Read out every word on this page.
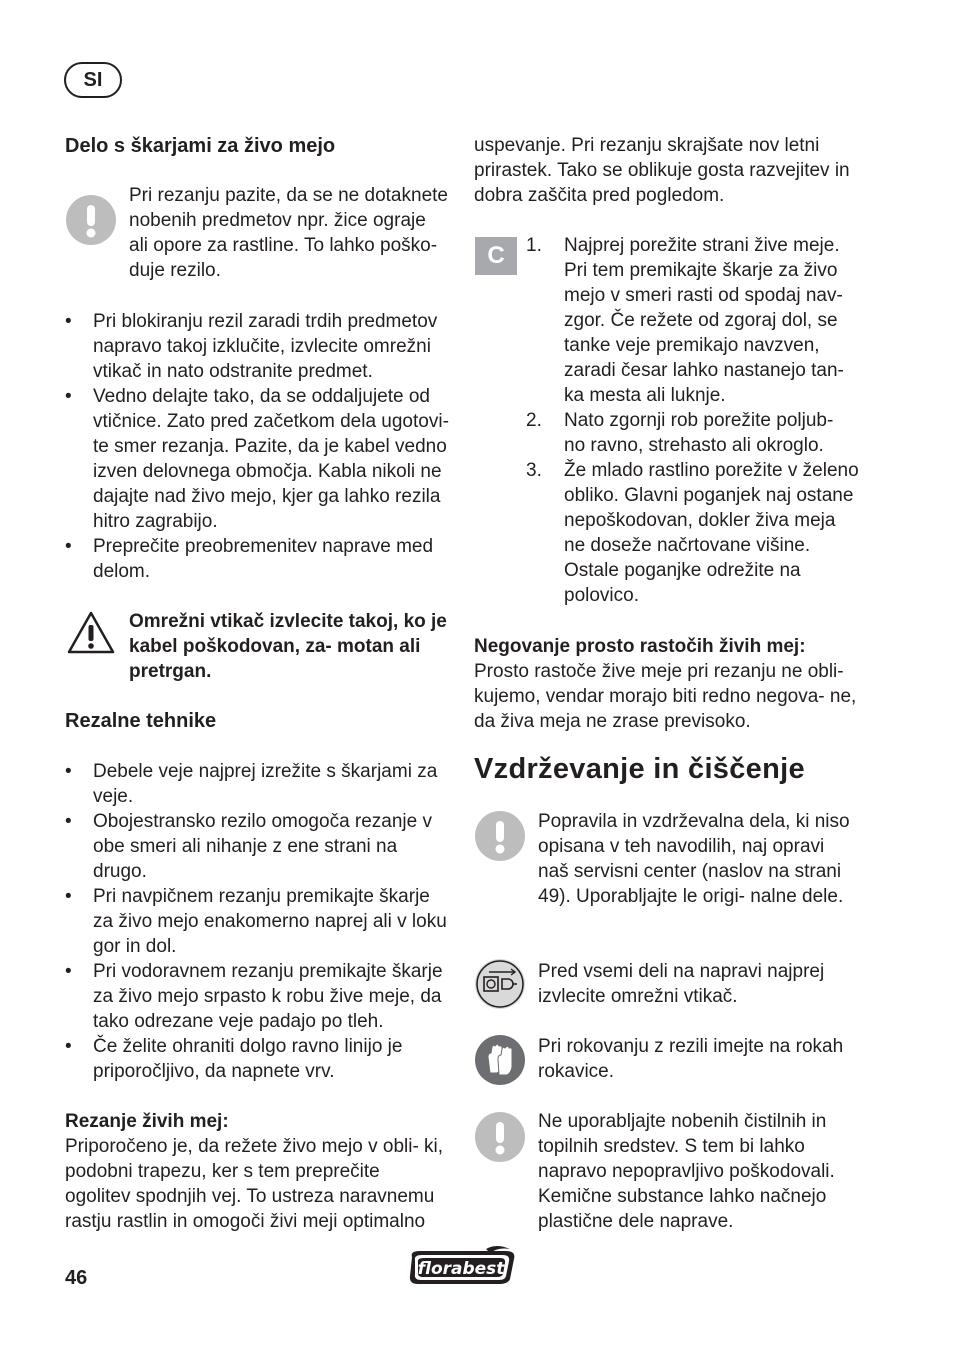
SI
Delo s škarjami za živo mejo

Pri rezanju pazite, da se ne dotaknete nobenih predmetov npr. žice ograje ali opore za rastline. To lahko poško- duje rezilo.

• Pri blokiranju rezil zaradi trdih predmetov napravo takoj izklučite, izvlecite omrežni vtikač in nato odstranite predmet.
• Vedno delajte tako, da se oddaljujete od vtičnice. Zato pred začetkom dela ugotovi- te smer rezanja. Pazite, da je kabel vedno izven delovnega območja. Kabla nikoli ne dajajte nad živo mejo, kjer ga lahko rezila hitro zagrabijo.
• Preprečite preobremenitev naprave med delom.

Omrežni vtikač izvlecite takoj, ko je kabel poškodovan, za- motan ali pretrgan.

Rezalne tehnike
• Debele veje najprej izrežite s škarjami za veje.
• Obojestransko rezilo omogoča rezanje v obe smeri ali nihanje z ene strani na drugo.
• Pri navpičnem rezanju premikajte škarje za živo mejo enakomerno naprej ali v loku gor in dol.
• Pri vodoravnem rezanju premikajte škarje za živo mejo srpasto k robu žive meje, da tako odrezane veje padajo po tleh.
• Če želite ohraniti dolgo ravno linijo je priporočljivo, da napnete vrv.

Rezanje živih mej:

Priporočeno je, da režete živo mejo v obli- ki, podobni trapezu, ker s tem preprečite ogolitev spodnjih vej. To ustreza naravnemu rastju rastlin in omogoči živi meji optimalno

uspevanje. Pri rezanju skrajšate nov letni prirastek. Tako se oblikuje gosta razvejitev in dobra zaščita pred pogledom.

C	1. Najprej porežite strani žive meje. Pri tem premikajte škarje za živo mejo v smeri rasti od spodaj nav- zgor. Če režete od zgoraj dol, se tanke veje premikajo navzven, zaradi česar lahko nastanejo tan- ka mesta ali luknje.
2. Nato zgornji rob porežite poljub- no ravno, strehasto ali okroglo.
3. Že mlado rastlino porežite v želeno obliko. Glavni poganjek naj ostane nepoškodovan, dokler živa meja ne doseže načrtovane višine. Ostale poganjke odrežite na polovico.

Negovanje prosto rastočih živih mej:

Prosto rastoče žive meje pri rezanju ne obli- kujemo, vendar morajo biti redno negova- ne, da živa meja ne zrase previsoko.

Vzdrževanje in čiščenje

Popravila in vzdrževalna dela, ki niso opisana v teh navodilih, naj opravi naš servisni center (naslov na strani 49). Uporabljajte le origi- nalne dele.

Pred vsemi deli na napravi najprej izvlecite omrežni vtikač.

Pri rokovanju z rezili imejte na rokah rokavice.

Ne uporabljajte nobenih čistilnih in topilnih sredstev. S tem bi lahko napravo nepopravljivo poškodovali. Kemične substance lahko načnejo plastične dele naprave.

46	florabest
